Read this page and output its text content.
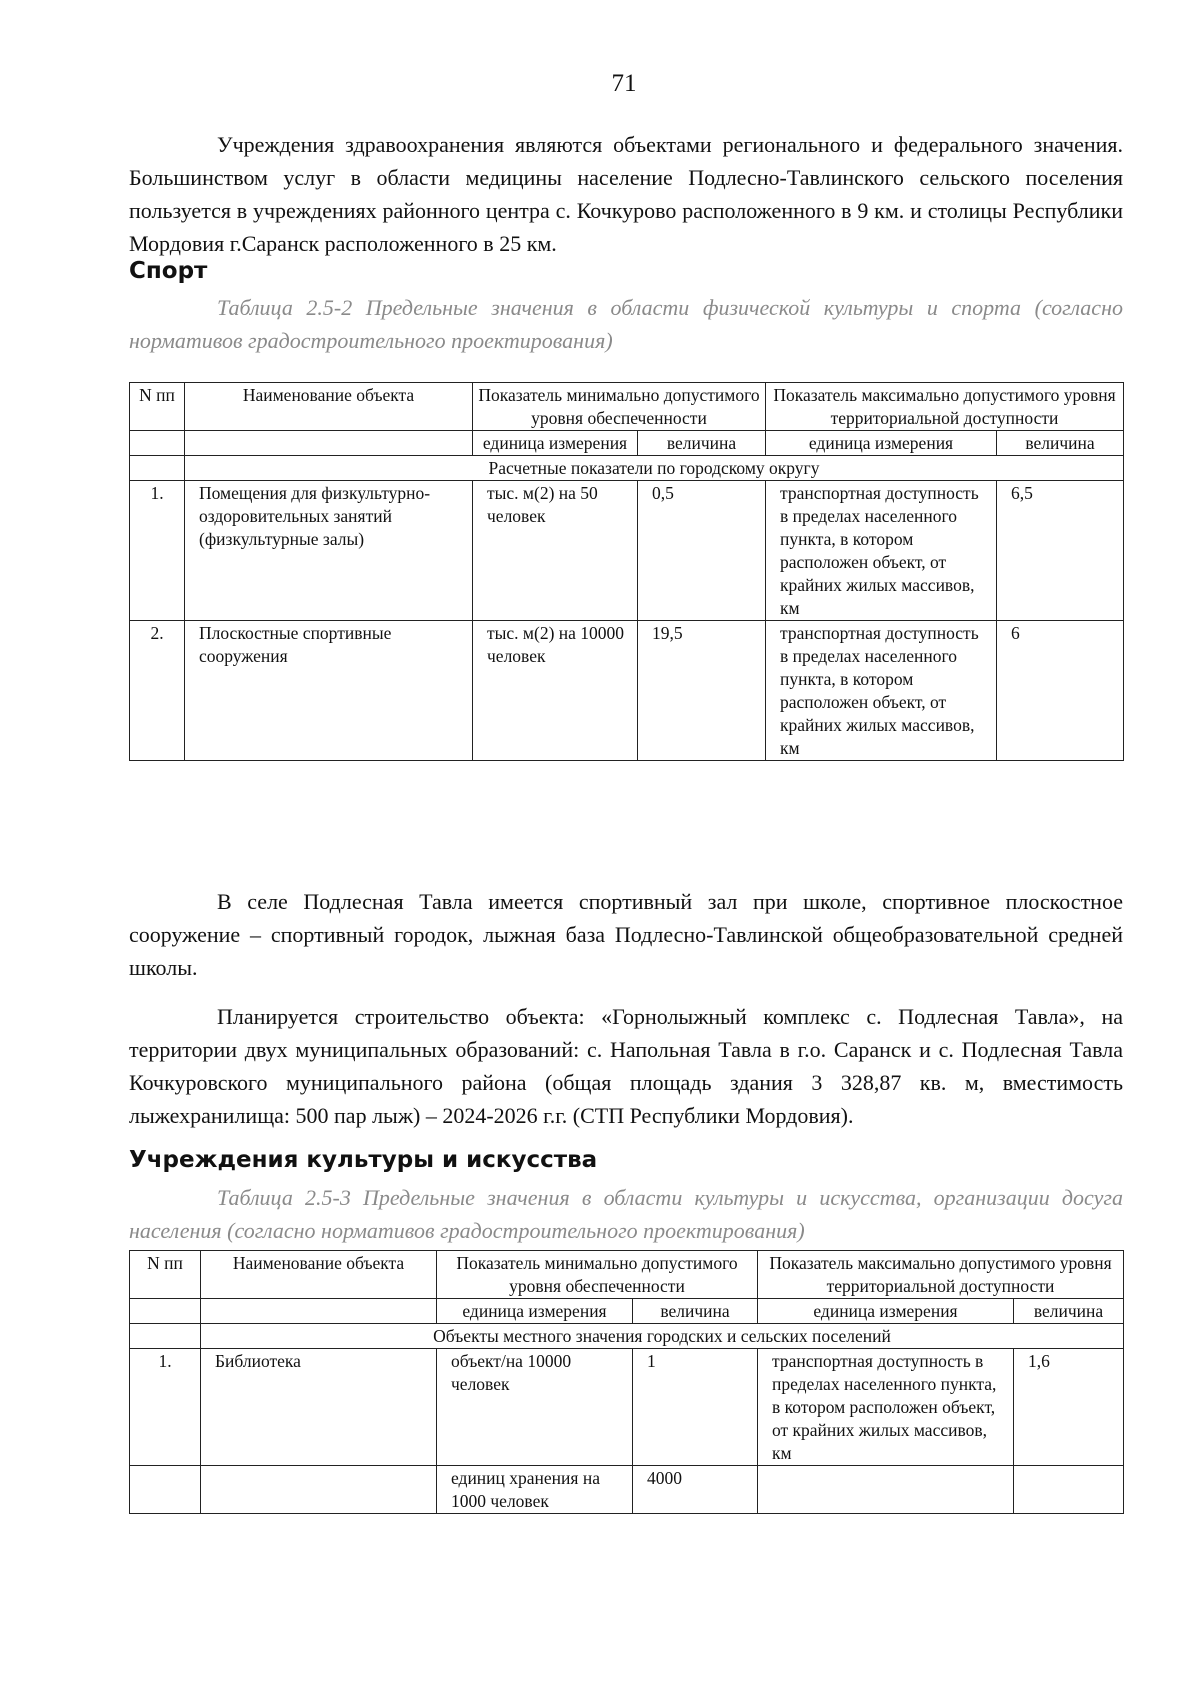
71

Учреждения здравоохранения являются объектами регионального и федерального значения. Большинством услуг в области медицины население Подлесно-Тавлинского сельского поселения пользуется в учреждениях районного центра с. Кочкурово расположенного в 9 км. и столицы Республики Мордовия г.Саранск расположенного в 25 км.

Спорт

Таблица 2.5-2 Предельные значения в области физической культуры и спорта (согласно нормативов градостроительного проектирования)

N пп	Наименование объекта	Показатель минимально допустимого уровня обеспеченности		Показатель максимально допустимого уровня территориальной доступности	
		единица измерения	величина	единица измерения	величина
	Расчетные показатели по городскому округу				
1.	Помещения для физкультурно-оздоровительных занятий (физкультурные залы)	тыс. м(2) на 50 человек	0,5	транспортная доступность в пределах населенного пункта, в котором расположен объект, от крайних жилых массивов, км	6,5
2.	Плоскостные спортивные сооружения	тыс. м(2) на 10000 человек	19,5	транспортная доступность в пределах населенного пункта, в котором расположен объект, от крайних жилых массивов, км	6

В селе Подлесная Тавла имеется спортивный зал при школе, спортивное плоскостное сооружение – спортивный городок, лыжная база Подлесно-Тавлинской общеобразовательной средней школы.

Планируется строительство объекта: «Горнолыжный комплекс с. Подлесная Тавла», на территории двух муниципальных образований: с. Напольная Тавла в г.о. Саранск и с. Подлесная Тавла Кочкуровского муниципального района (общая площадь здания 3 328,87 кв. м, вместимость лыжехранилища: 500 пар лыж) – 2024-2026 г.г. (СТП Республики Мордовия).

Учреждения культуры и искусства

Таблица 2.5-3 Предельные значения в области культуры и искусства, организации досуга населения (согласно нормативов градостроительного проектирования)

N пп	Наименование объекта	Показатель минимально допустимого уровня обеспеченности		Показатель максимально допустимого уровня территориальной доступности	
		единица измерения	величина	единица измерения	величина
	Объекты местного значения городских и сельских поселений				
1.	Библиотека	объект/на 10000 человек	1	транспортная доступность в пределах населенного пункта, в котором расположен объект, от крайних жилых массивов, км	1,6
		единиц хранения на 1000 человек	4000		
